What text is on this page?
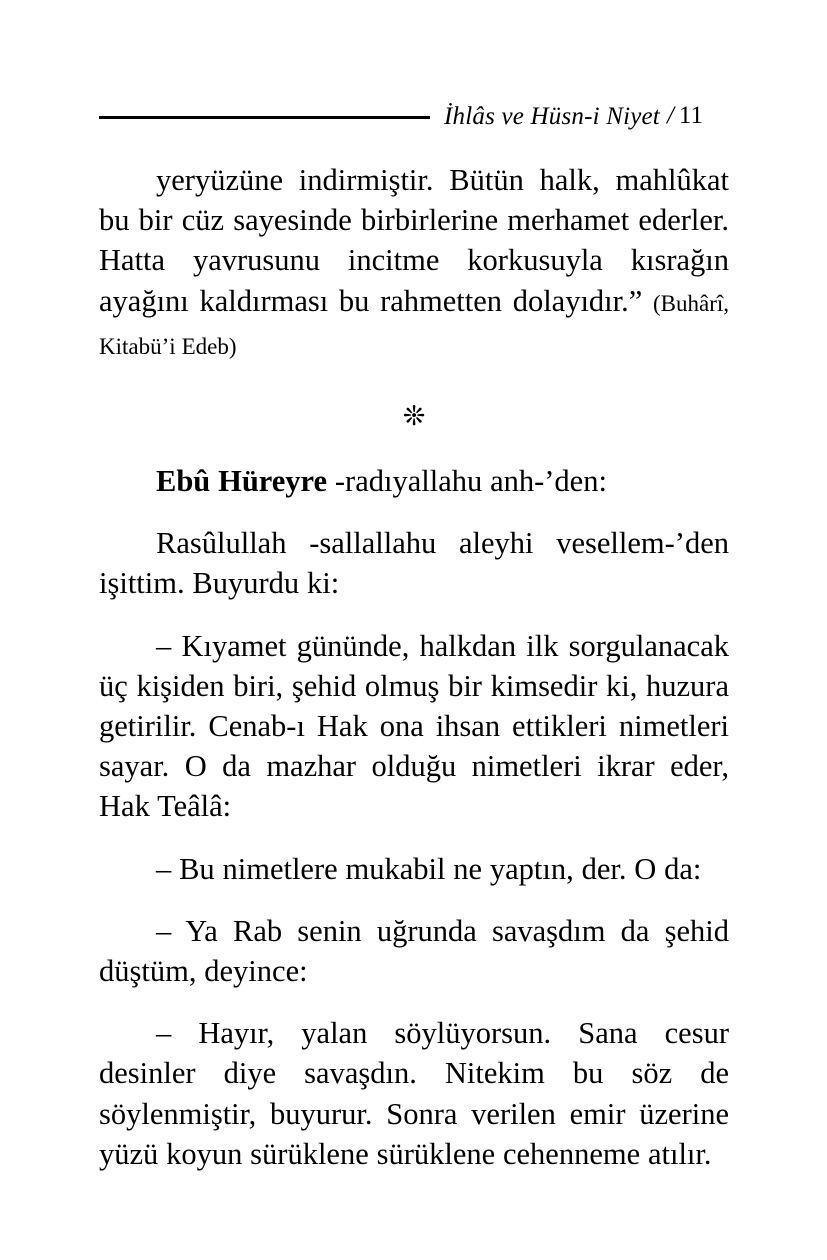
İhlâs ve Hüsn-i Niyet / 11

yeryüzüne indirmiştir. Bütün halk, mahlûkat bu bir cüz sayesinde birbirlerine merhamet ederler. Hatta yavrusunu incitme korkusuyla kısrağın ayağını kaldırması bu rahmetten dolayıdır.” (Buhârî, Kitabü’i Edeb)

❊

Ebû Hüreyre -radıyallahu anh-’den:

Rasûlullah -sallallahu aleyhi vesellem-’den işittim. Buyurdu ki:

– Kıyamet gününde, halkdan ilk sorgulanacak üç kişiden biri, şehid olmuş bir kimsedir ki, huzura getirilir. Cenab-ı Hak ona ihsan ettikleri nimetleri sayar. O da mazhar olduğu nimetleri ikrar eder, Hak Teâlâ:

– Bu nimetlere mukabil ne yaptın, der. O da:

– Ya Rab senin uğrunda savaşdım da şehid düştüm, deyince:

– Hayır, yalan söylüyorsun. Sana cesur desinler diye savaşdın. Nitekim bu söz de söylenmiştir, buyurur. Sonra verilen emir üzerine yüzü koyun sürüklene sürüklene cehenneme atılır.
